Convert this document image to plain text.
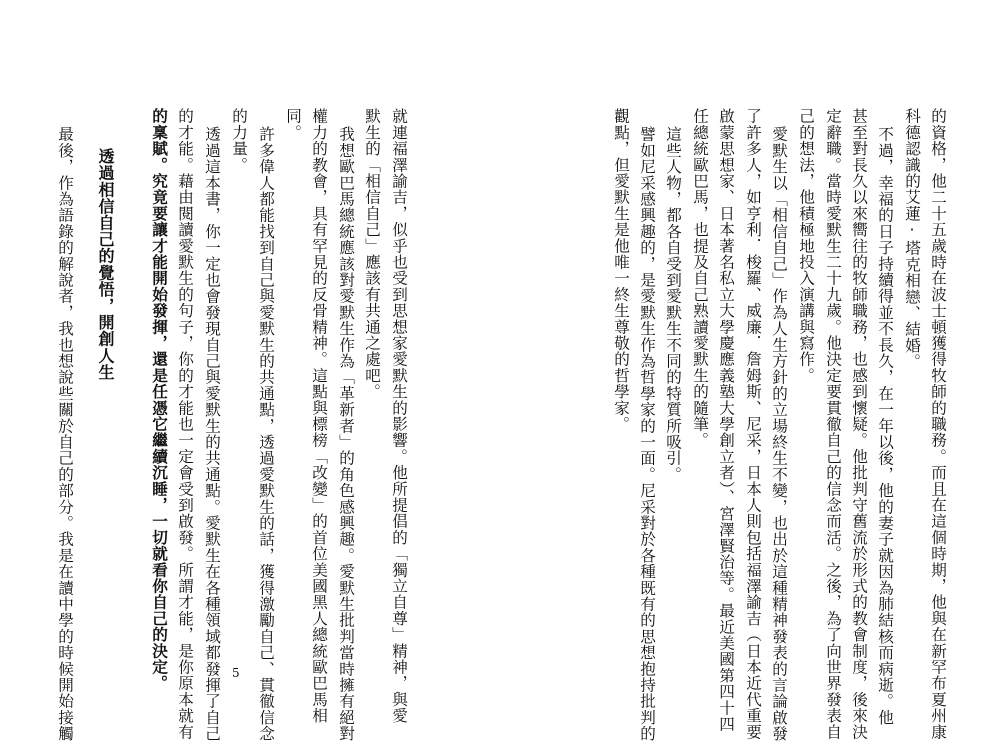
的資格，他二十五歲時在波士頓獲得牧師的職務。而且在這個時期，他與在新罕布夏州康
科德認識的艾蓮‧塔克相戀、結婚。
不過，幸福的日子持續得並不長久，在一年以後，他的妻子就因為肺結核而病逝。他
甚至對長久以來嚮往的牧師職務，也感到懷疑。他批判守舊流於形式的教會制度，後來決
定辭職。當時愛默生二十九歲。他決定要貫徹自己的信念而活。之後，為了向世界發表自
己的想法，他積極地投入演講與寫作。
愛默生以「相信自己」作為人生方針的立場終生不變，也出於這種精神發表的言論啟發
了許多人，如亨利．梭羅、威廉．詹姆斯、尼采，日本人則包括福澤諭吉（日本近代重要
啟蒙思想家、日本著名私立大學慶應義塾大學創立者）、宮澤賢治等。最近美國第四十四
任總統歐巴馬，也提及自己熟讀愛默生的隨筆。
這些人物，都各自受到愛默生不同的特質所吸引。
譬如尼采感興趣的，是愛默生作為哲學家的一面。尼采對於各種既有的思想抱持批判的
觀點，但愛默生是他唯一終生尊敬的哲學家。
就連福澤諭吉，似乎也受到思想家愛默生的影響。他所提倡的「獨立自尊」精神，與愛
默生的「相信自己」應該有共通之處吧。
我想歐巴馬總統應該對愛默生作為「革新者」的角色感興趣。愛默生批判當時擁有絕對
權力的教會，具有罕見的反骨精神。這點與標榜「改變」的首位美國黑人總統歐巴馬相
同。
許多偉人都能找到自己與愛默生的共通點，透過愛默生的話，獲得激勵自己、貫徹信念
的力量。
透過這本書，你一定也會發現自己與愛默生的共通點。愛默生在各種領域都發揮了自己
的才能。藉由閱讀愛默生的句子，你的才能也一定會受到啟發。所謂才能，是你原本就有
的稟賦。究竟要讓才能開始發揮，還是任憑它繼續沉睡，一切就看你自己的決定。
透過相信自己的覺悟，開創人生
最後，作為語錄的解說者，我也想說些關於自己的部分。我是在讀中學的時候開始接觸	5
